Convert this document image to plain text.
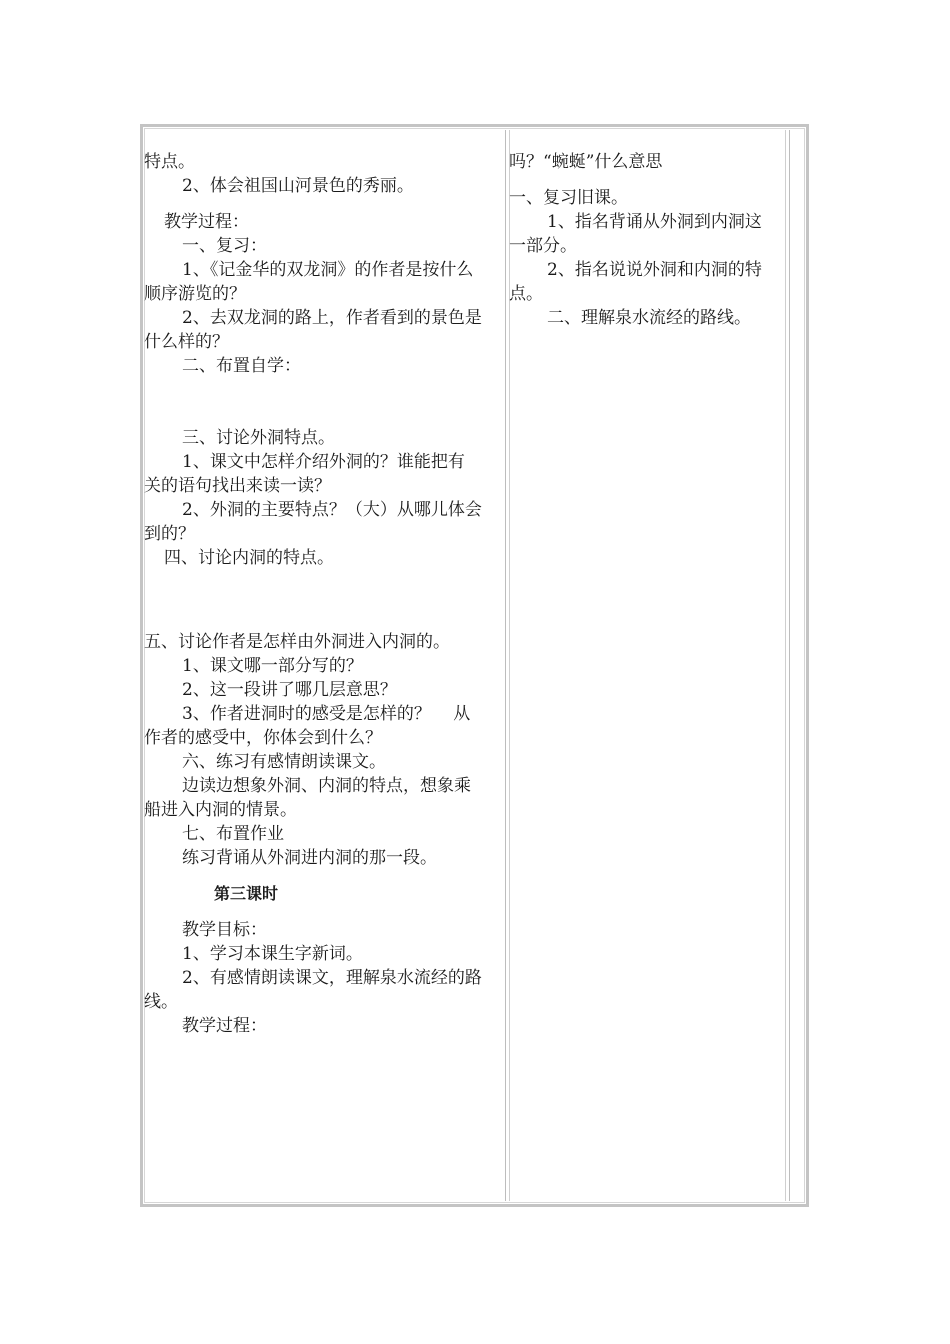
特点。
2、体会祖国山河景色的秀丽。
教学过程：
一、复习：
1、《记金华的双龙洞》的作者是按什么
顺序游览的？
2、去双龙洞的路上，作者看到的景色是
什么样的？
二、布置自学：
三、讨论外洞特点。
1、课文中怎样介绍外洞的？谁能把有
关的语句找出来读一读？
2、外洞的主要特点？（大）从哪儿体会
到的？
四、讨论内洞的特点。
五、讨论作者是怎样由外洞进入内洞的。
1、课文哪一部分写的？
2、这一段讲了哪几层意思？
3、作者进洞时的感受是怎样的？　 从
作者的感受中，你体会到什么？
六、练习有感情朗读课文。
边读边想象外洞、内洞的特点，想象乘
船进入内洞的情景。
七、布置作业
练习背诵从外洞进内洞的那一段。
第三课时
教学目标：
1、学习本课生字新词。
2、有感情朗读课文，理解泉水流经的路
线。
教学过程：
吗？“蜿蜒”什么意思
一、复习旧课。
1、指名背诵从外洞到内洞这
一部分。
2、指名说说外洞和内洞的特
点。
二、理解泉水流经的路线。
